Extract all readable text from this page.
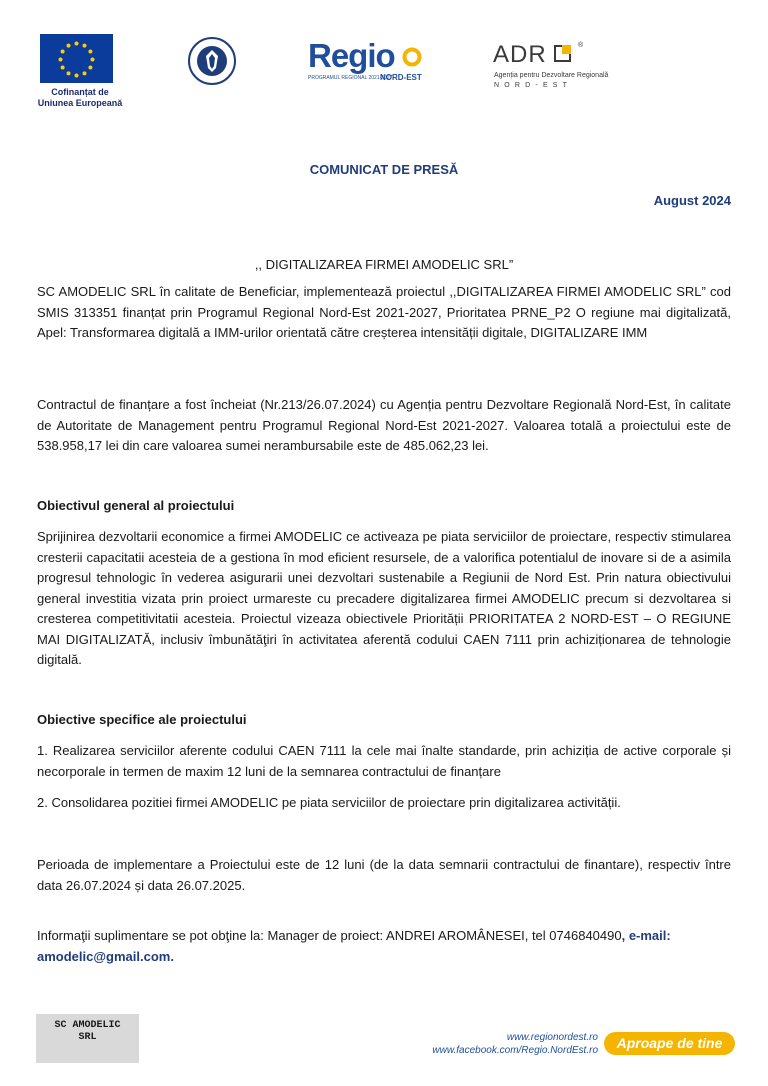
Cofinanțat de
Uniunea Europeană
Regio
PROGRAMUL REGIONAL 2021-2027
NORD-EST
ADR	®
Agenția pentru Dezvoltare Regională
NORD-EST
COMUNICAT DE PRESĂ
August 2024
,, DIGITALIZAREA FIRMEI AMODELIC SRL”

SC AMODELIC SRL în calitate de Beneficiar, implementează proiectul ,,DIGITALIZAREA FIRMEI AMODELIC SRL” cod SMIS 313351 finanțat prin Programul Regional Nord-Est 2021-2027, Prioritatea PRNE_P2 O regiune mai digitalizată, Apel: Transformarea digitală a IMM-urilor orientată către creșterea intensității digitale, DIGITALIZARE IMM

Contractul de finanțare a fost încheiat (Nr.213/26.07.2024) cu Agenția pentru Dezvoltare Regională Nord-Est, în calitate de Autoritate de Management pentru Programul Regional Nord-Est 2021-2027. Valoarea totală a proiectului este de 538.958,17 lei din care valoarea sumei nerambursabile este de 485.062,23 lei.

Obiectivul general al proiectului

Sprijinirea dezvoltarii economice a firmei AMODELIC ce activeaza pe piata serviciilor de proiectare, respectiv stimularea cresterii capacitatii acesteia de a gestiona în mod eficient resursele, de a valorifica potentialul de inovare si de a asimila progresul tehnologic în vederea asigurarii unei dezvoltari sustenabile a Regiunii de Nord Est. Prin natura obiectivului general investitia vizata prin proiect urmareste cu precadere digitalizarea firmei AMODELIC precum si dezvoltarea si cresterea competitivitatii acesteia. Proiectul vizeaza obiectivele Priorității PRIORITATEA 2 NORD-EST – O REGIUNE MAI DIGITALIZATĂ, inclusiv îmbunătăţiri în activitatea aferentă codului CAEN 7111 prin achiziționarea de tehnologie digitală.

Obiective specifice ale proiectului

1. Realizarea serviciilor aferente codului CAEN 7111 la cele mai înalte standarde, prin achiziția de active corporale și necorporale in termen de maxim 12 luni de la semnarea contractului de finanțare

2. Consolidarea pozitiei firmei AMODELIC pe piata serviciilor de proiectare prin digitalizarea activității.

Perioada de implementare a Proiectului este de 12 luni (de la data semnarii contractului de finantare), respectiv între data 26.07.2024 și data 26.07.2025.

Informaţii suplimentare se pot obţine la: Manager de proiect: ANDREI AROMÂNESEI, tel 0746840490, e-mail:
amodelic@gmail.com.

SC AMODELIC
SRL	www.regionordest.ro
www.facebook.com/Regio.NordEst.ro	Aproape de tine
